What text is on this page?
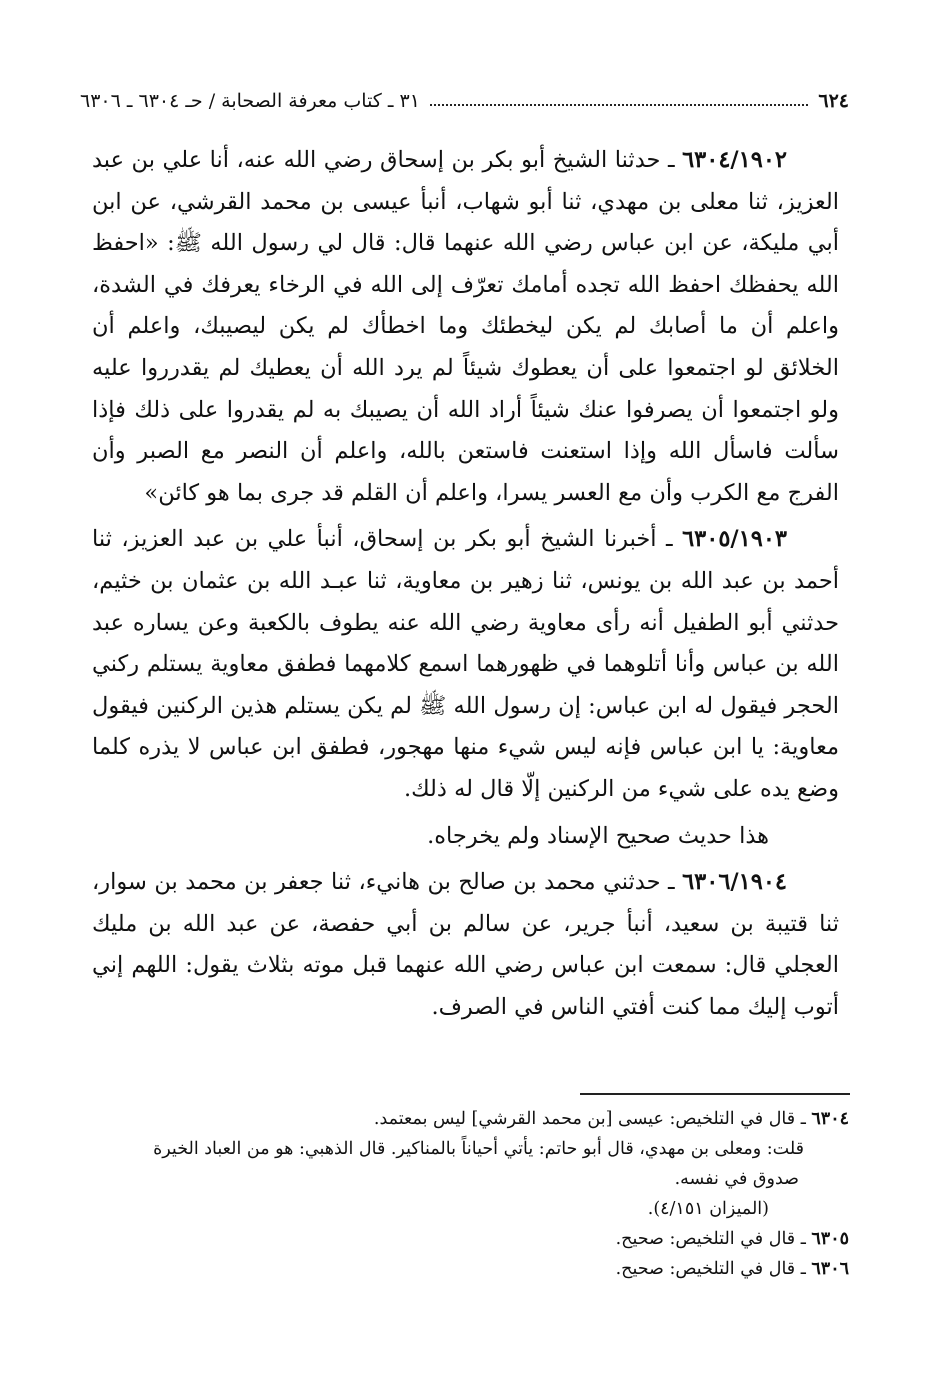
٦٢٤
٣١ ـ كتاب معرفة الصحابة / حـ ٦٣٠٤ ـ ٦٣٠٦

٦٣٠٤/١٩٠٢ ـ حدثنا الشيخ أبو بكر بن إسحاق رضي الله عنه، أنا علي بن عبد العزيز، ثنا معلى بن مهدي، ثنا أبو شهاب، أنبأ عيسى بن محمد القرشي، عن ابن أبي مليكة، عن ابن عباس رضي الله عنهما قال: قال لي رسول الله ﷺ: «احفظ الله يحفظك احفظ الله تجده أمامك تعرّف إلى الله في الرخاء يعرفك في الشدة، واعلم أن ما أصابك لم يكن ليخطئك وما اخطأك لم يكن ليصيبك، واعلم أن الخلائق لو اجتمعوا على أن يعطوك شيئاً لم يرد الله أن يعطيك لم يقدرروا عليه ولو اجتمعوا أن يصرفوا عنك شيئاً أراد الله أن يصيبك به لم يقدروا على ذلك فإذا سألت فاسأل الله وإذا استعنت فاستعن بالله، واعلم أن النصر مع الصبر وأن الفرج مع الكرب وأن مع العسر يسرا، واعلم أن القلم قد جرى بما هو كائن»

٦٣٠٥/١٩٠٣ ـ أخبرنا الشيخ أبو بكر بن إسحاق، أنبأ علي بن عبد العزيز، ثنا أحمد بن عبد الله بن يونس، ثنا زهير بن معاوية، ثنا عبـد الله بن عثمان بن خثيم، حدثني أبو الطفيل أنه رأى معاوية رضي الله عنه يطوف بالكعبة وعن يساره عبد الله بن عباس وأنا أتلوهما في ظهورهما اسمع كلامهما فطفق معاوية يستلم ركني الحجر فيقول له ابن عباس: إن رسول الله ﷺ لم يكن يستلم هذين الركنين فيقول معاوية: يا ابن عباس فإنه ليس شيء منها مهجور، فطفق ابن عباس لا يذره كلما وضع يده على شيء من الركنين إلّا قال له ذلك.

هذا حديث صحيح الإسناد ولم يخرجاه.

٦٣٠٦/١٩٠٤ ـ حدثني محمد بن صالح بن هانيء، ثنا جعفر بن محمد بن سوار، ثنا قتيبة بن سعيد، أنبأ جرير، عن سالم بن أبي حفصة، عن عبد الله بن مليك العجلي قال: سمعت ابن عباس رضي الله عنهما قبل موته بثلاث يقول: اللهم إني أتوب إليك مما كنت أفتي الناس في الصرف.

٦٣٠٤ ـ قال في التلخيص: عيسى [بن محمد القرشي] ليس بمعتمد.

قلت: ومعلى بن مهدي، قال أبو حاتم: يأتي أحياناً بالمناكير. قال الذهبي: هو من العباد الخيرة

صدوق في نفسه.

(الميزان ٤/١٥١).

٦٣٠٥ ـ قال في التلخيص: صحيح.

٦٣٠٦ ـ قال في التلخيص: صحيح.
